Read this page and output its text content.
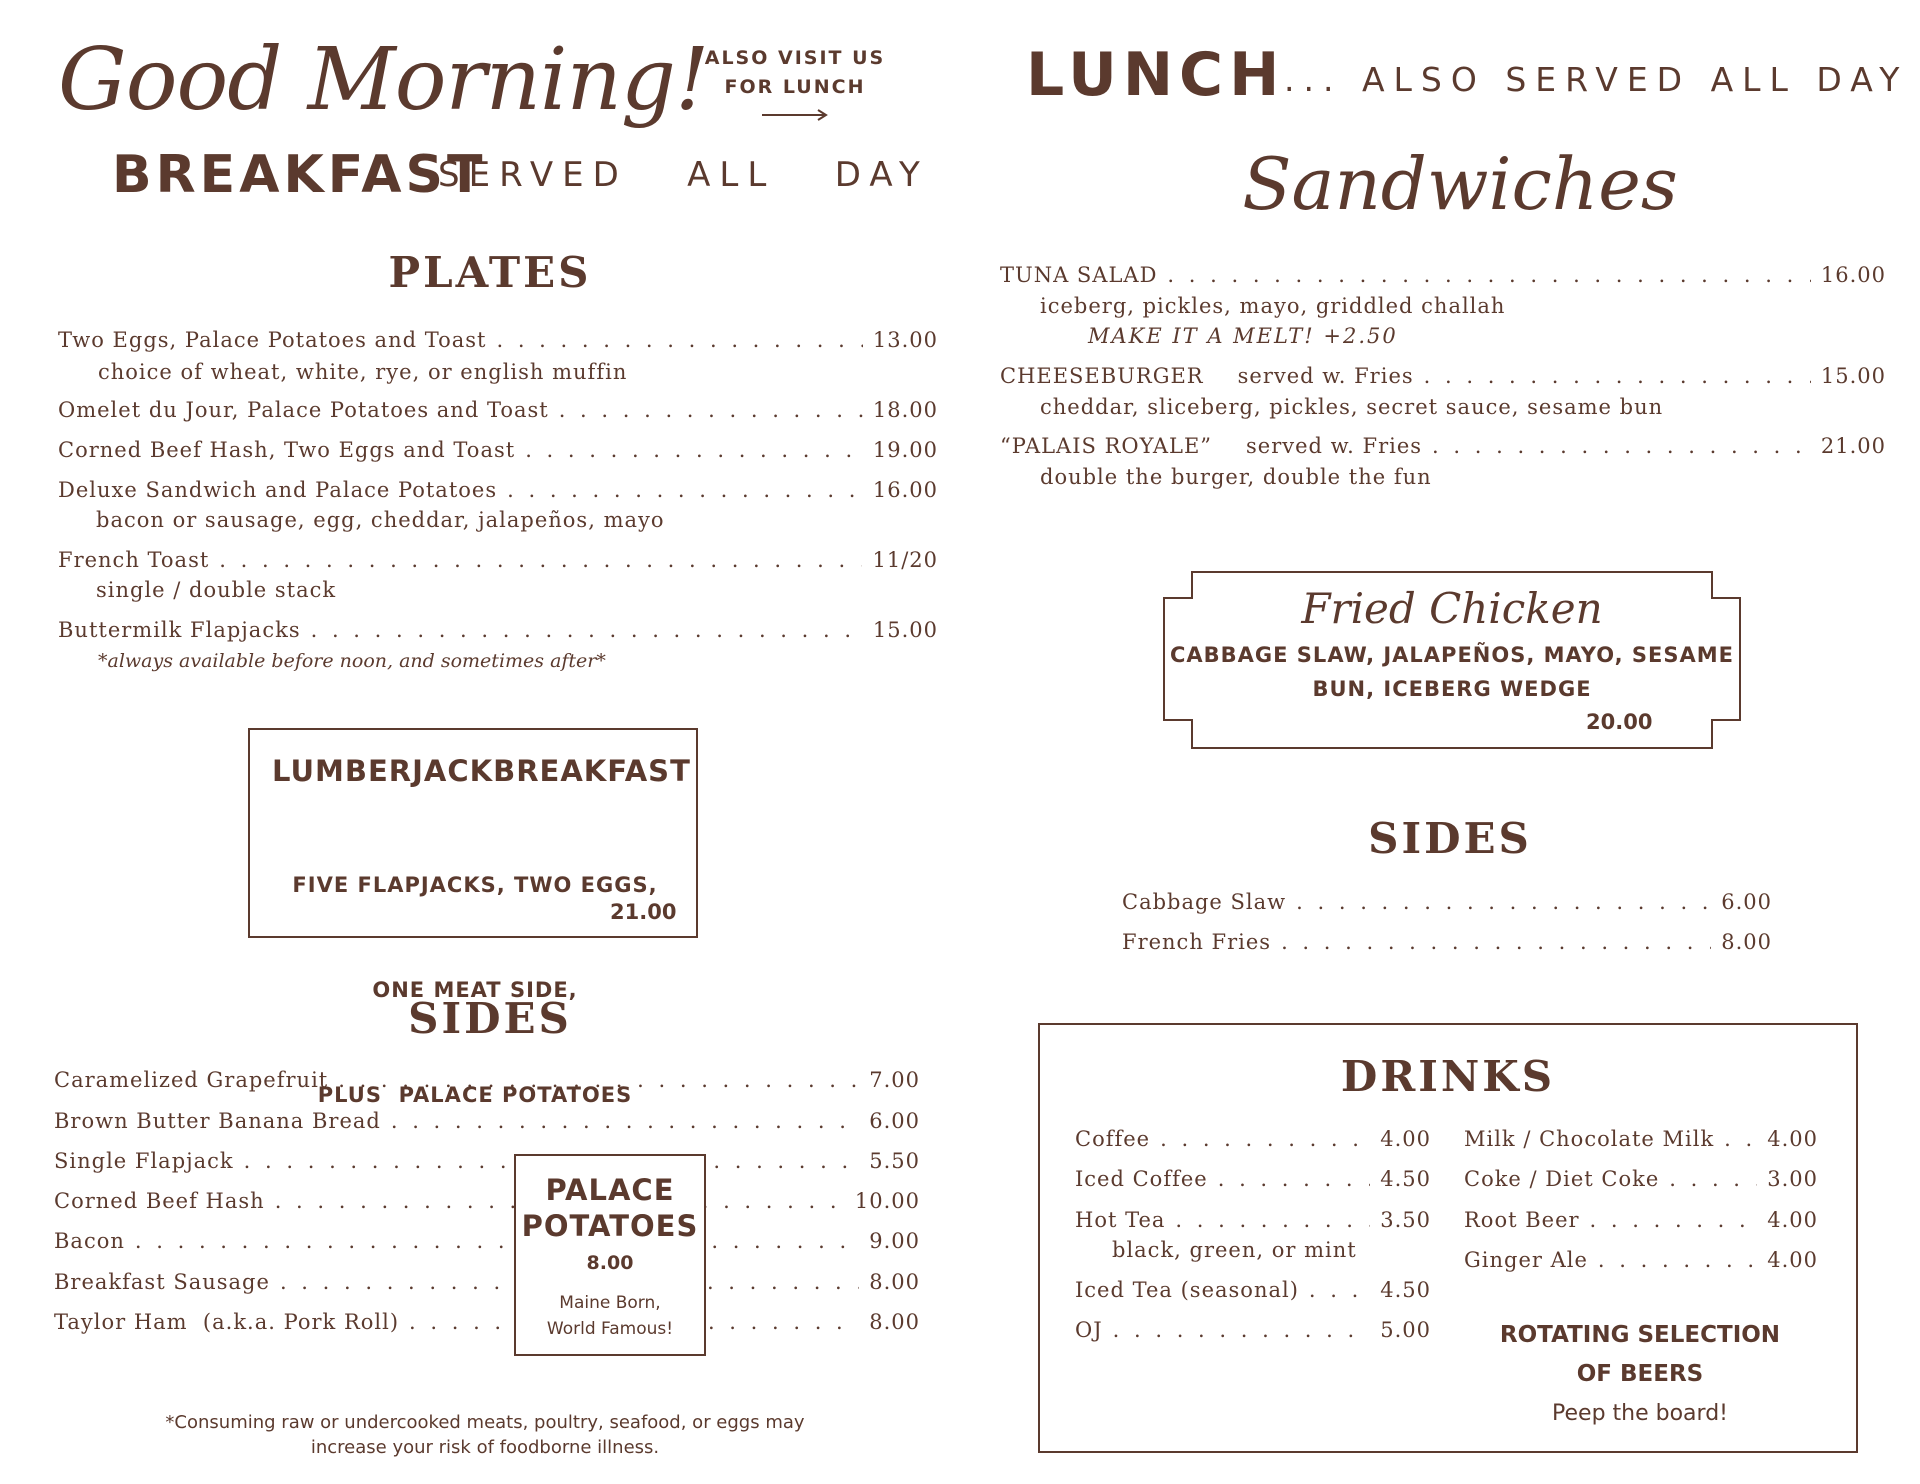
Good Morning!
ALSO VISIT US
FOR LUNCH
BREAKFAST
SERVED   ALL   DAY
PLATES
Two Eggs, Palace Potatoes and Toast . . .	13.00
choice of wheat, white, rye, or english muffin
Omelet du Jour, Palace Potatoes and Toast . . .	18.00
Corned Beef Hash, Two Eggs and Toast . . .	19.00
Deluxe Sandwich and Palace Potatoes . . .	16.00
bacon or sausage, egg, cheddar, jalapeños, mayo
French Toast . . .	11/20
single / double stack
Buttermilk Flapjacks . . .	15.00
*always available before noon, and sometimes after*
LUMBERJACK BREAKFAST

FIVE FLAPJACKS, TWO EGGS,

ONE MEAT SIDE,

PLUS  PALACE POTATOES

21.00
SIDES
Caramelized Grapefruit . . .	7.00
Brown Butter Banana Bread . . .	6.00
Single Flapjack . . .	5.50
Corned Beef Hash . . .	10.00
Bacon . . .	9.00
Breakfast Sausage . . .	8.00
Taylor Ham  (a.k.a. Pork Roll) . . .	8.00
PALACE
POTATOES
8.00
Maine Born,
World Famous!
*Consuming raw or undercooked meats, poultry, seafood, or eggs may
increase your risk of foodborne illness.
LUNCH
... ALSO SERVED ALL DAY
Sandwiches
TUNA SALAD . . .	16.00
iceberg, pickles, mayo, griddled challah
MAKE IT A MELT! +2.50
CHEESEBURGER served w. Fries . . .	15.00
cheddar, sliceberg, pickles, secret sauce, sesame bun
“PALAIS ROYALE” served w. Fries . . .	21.00
double the burger, double the fun
Fried Chicken
CABBAGE SLAW, JALAPEÑOS, MAYO, SESAME
BUN, ICEBERG WEDGE
20.00
SIDES
Cabbage Slaw . . .	6.00
French Fries . . .	8.00
DRINKS
Coffee . . .	4.00
Iced Coffee . . .	4.50
Hot Tea . . .	3.50
black, green, or mint
Iced Tea (seasonal) . . .	4.50
OJ . . .	5.00
Milk / Chocolate Milk . . .	4.00
Coke / Diet Coke . . .	3.00
Root Beer . . .	4.00
Ginger Ale . . .	4.00
ROTATING SELECTION
OF BEERS
Peep the board!
